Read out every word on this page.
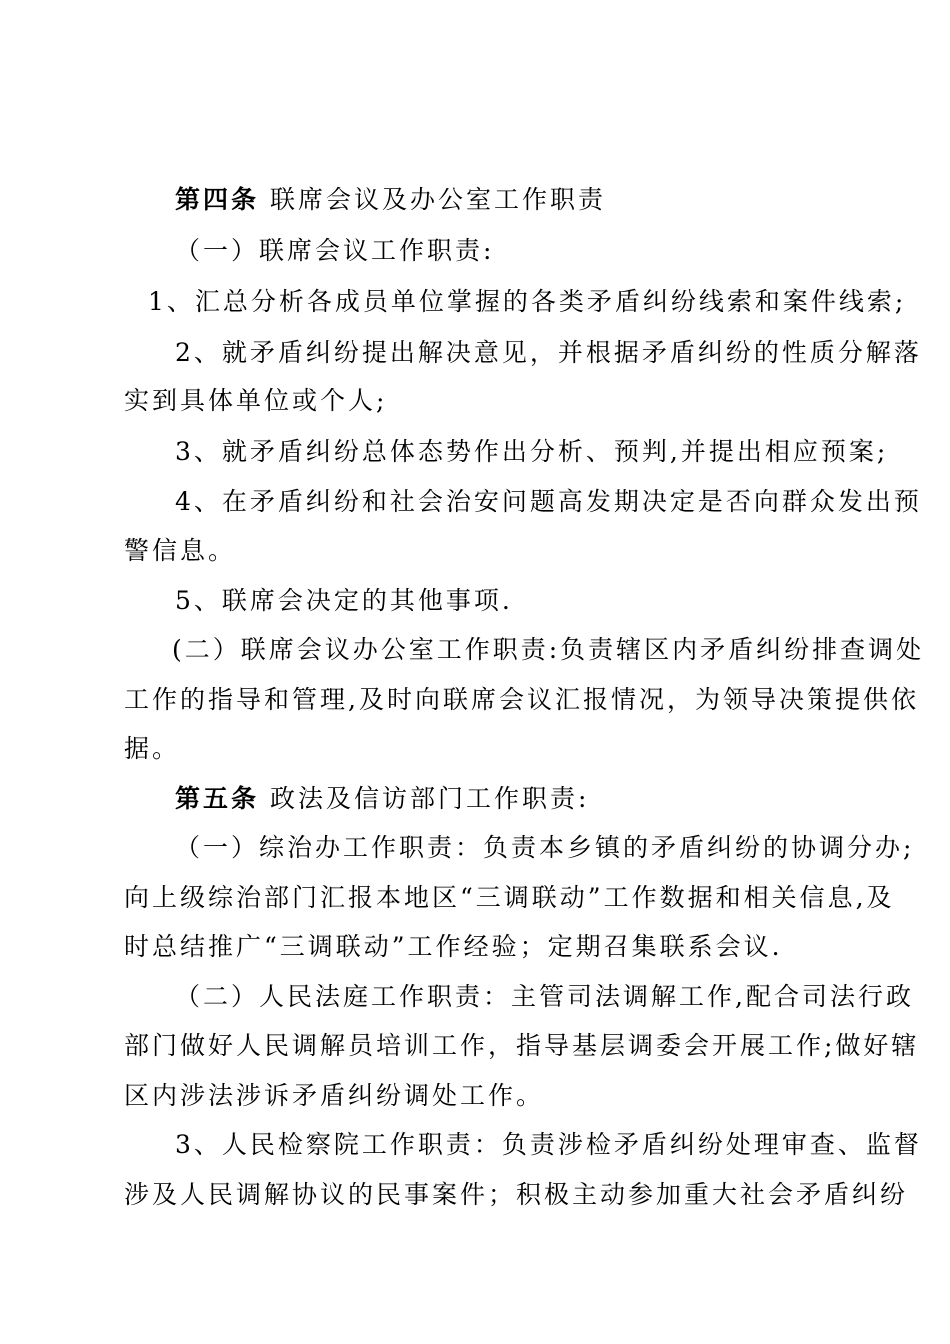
第四条 联席会议及办公室工作职责
（一）联席会议工作职责:
1、汇总分析各成员单位掌握的各类矛盾纠纷线索和案件线索;
2、就矛盾纠纷提出解决意见，并根据矛盾纠纷的性质分解落
实到具体单位或个人;
3、就矛盾纠纷总体态势作出分析、预判,并提出相应预案;
4、在矛盾纠纷和社会治安问题高发期决定是否向群众发出预
警信息。
5、联席会决定的其他事项.
(二）联席会议办公室工作职责:负责辖区内矛盾纠纷排查调处
工作的指导和管理,及时向联席会议汇报情况，为领导决策提供依
据。
第五条 政法及信访部门工作职责:
（一）综治办工作职责：负责本乡镇的矛盾纠纷的协调分办;
向上级综治部门汇报本地区“三调联动”工作数据和相关信息,及
时总结推广“三调联动”工作经验；定期召集联系会议.
（二）人民法庭工作职责：主管司法调解工作,配合司法行政
部门做好人民调解员培训工作，指导基层调委会开展工作;做好辖
区内涉法涉诉矛盾纠纷调处工作。
3、人民检察院工作职责：负责涉检矛盾纠纷处理审查、监督
涉及人民调解协议的民事案件；积极主动参加重大社会矛盾纠纷
